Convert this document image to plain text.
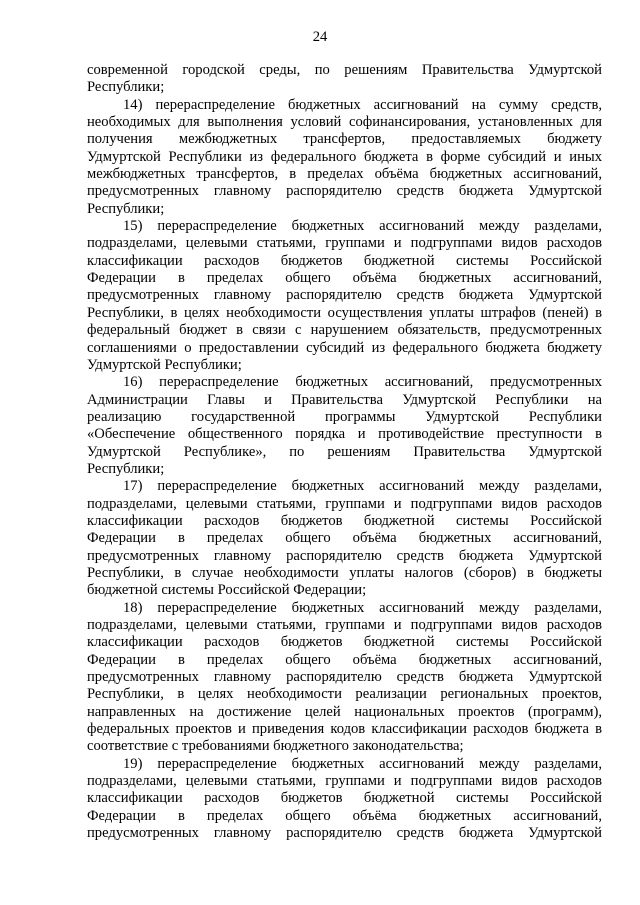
24
современной городской среды, по решениям Правительства Удмуртской
Республики;
14) перераспределение бюджетных ассигнований на сумму средств,
необходимых для выполнения условий софинансирования, установленных для
получения межбюджетных трансфертов, предоставляемых бюджету
Удмуртской Республики из федерального бюджета в форме субсидий и иных
межбюджетных трансфертов, в пределах объёма бюджетных ассигнований,
предусмотренных главному распорядителю средств бюджета Удмуртской
Республики;
15) перераспределение бюджетных ассигнований между разделами,
подразделами, целевыми статьями, группами и подгруппами видов расходов
классификации расходов бюджетов бюджетной системы Российской
Федерации в пределах общего объёма бюджетных ассигнований,
предусмотренных главному распорядителю средств бюджета Удмуртской
Республики, в целях необходимости осуществления уплаты штрафов (пеней) в
федеральный бюджет в связи с нарушением обязательств, предусмотренных
соглашениями о предоставлении субсидий из федерального бюджета бюджету
Удмуртской Республики;
16) перераспределение бюджетных ассигнований, предусмотренных
Администрации Главы и Правительства Удмуртской Республики на
реализацию государственной программы Удмуртской Республики
«Обеспечение общественного порядка и противодействие преступности в
Удмуртской Республике», по решениям Правительства Удмуртской
Республики;
17) перераспределение бюджетных ассигнований между разделами,
подразделами, целевыми статьями, группами и подгруппами видов расходов
классификации расходов бюджетов бюджетной системы Российской
Федерации в пределах общего объёма бюджетных ассигнований,
предусмотренных главному распорядителю средств бюджета Удмуртской
Республики, в случае необходимости уплаты налогов (сборов) в бюджеты
бюджетной системы Российской Федерации;
18) перераспределение бюджетных ассигнований между разделами,
подразделами, целевыми статьями, группами и подгруппами видов расходов
классификации расходов бюджетов бюджетной системы Российской
Федерации в пределах общего объёма бюджетных ассигнований,
предусмотренных главному распорядителю средств бюджета Удмуртской
Республики, в целях необходимости реализации региональных проектов,
направленных на достижение целей национальных проектов (программ),
федеральных проектов и приведения кодов классификации расходов бюджета в
соответствие с требованиями бюджетного законодательства;
19) перераспределение бюджетных ассигнований между разделами,
подразделами, целевыми статьями, группами и подгруппами видов расходов
классификации расходов бюджетов бюджетной системы Российской
Федерации в пределах общего объёма бюджетных ассигнований,
предусмотренных главному распорядителю средств бюджета Удмуртской
